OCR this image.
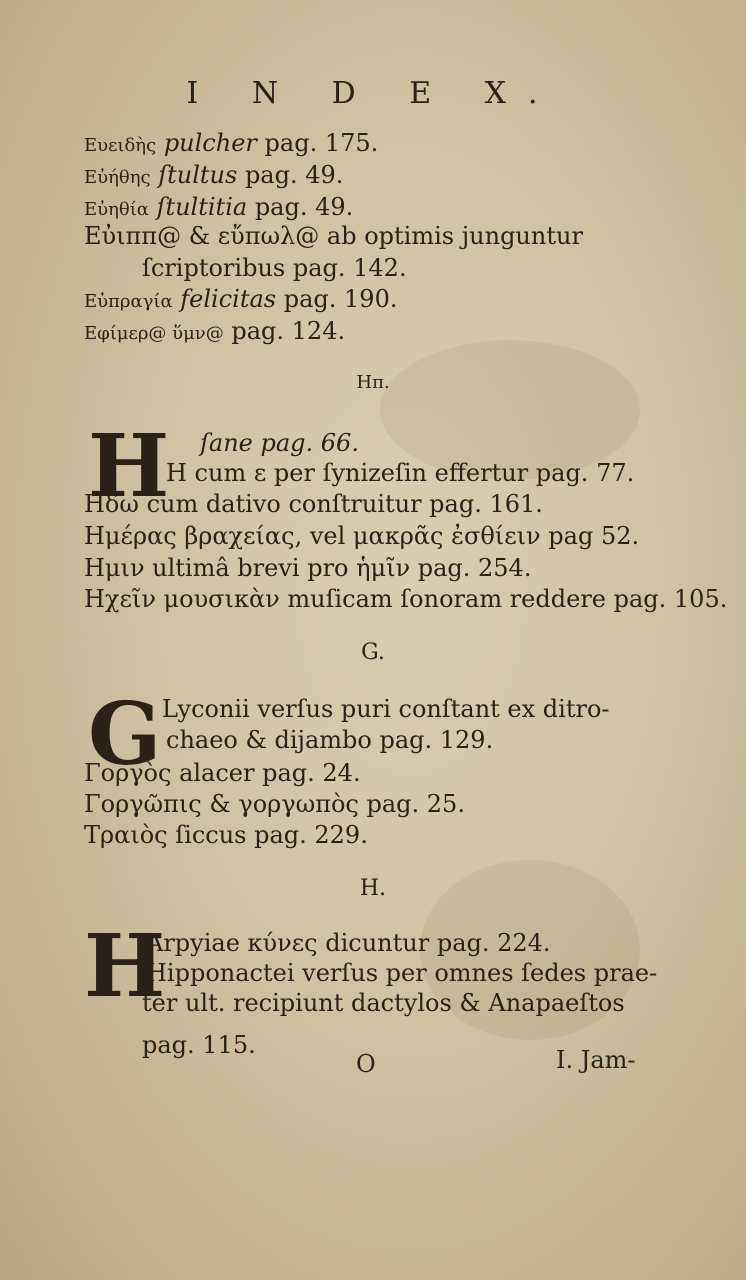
I N D E X.
Ευειδὴς pulcher pag. 175.
Εὐήθης ſtultus pag. 49.
Εὐηθία ſtultitia pag. 49.
Εὐιππ@ & εὔπωλ@ ab optimis junguntur
ſcriptoribus pag. 142.
Εὐπραγία felicitas pag. 190.
Εφίμερ@ ὕμν@ pag. 124.
Ηπ.
H ſane pag. 66.
Η cum ε per ſynizeſin effertur pag. 77.
Ηδω cum dativo conſtruitur pag. 161.
Ημέρας βραχείας, vel μακρᾶς ἐσθίειν pag 52.
Ημιν ultimâ brevi pro ἡμῖν pag. 254.
Ηχεῖν μουσικὰν muſicam ſonoram reddere pag. 105.
G.
G Lyconii verſus puri conſtant ex ditro-
chaeo & dijambo pag. 129.
Γοργὸς alacer pag. 24.
Γοργῶπις & γοργωπὸς pag. 25.
Τραιὸς ſiccus pag. 229.
H.
H
Arpyiae κύνες dicuntur pag. 224.
Hipponactei verſus per omnes ſedes prae-
ter ult. recipiunt dactylos & Anapaeſtos
pag. 115.
O	I. Jam-
